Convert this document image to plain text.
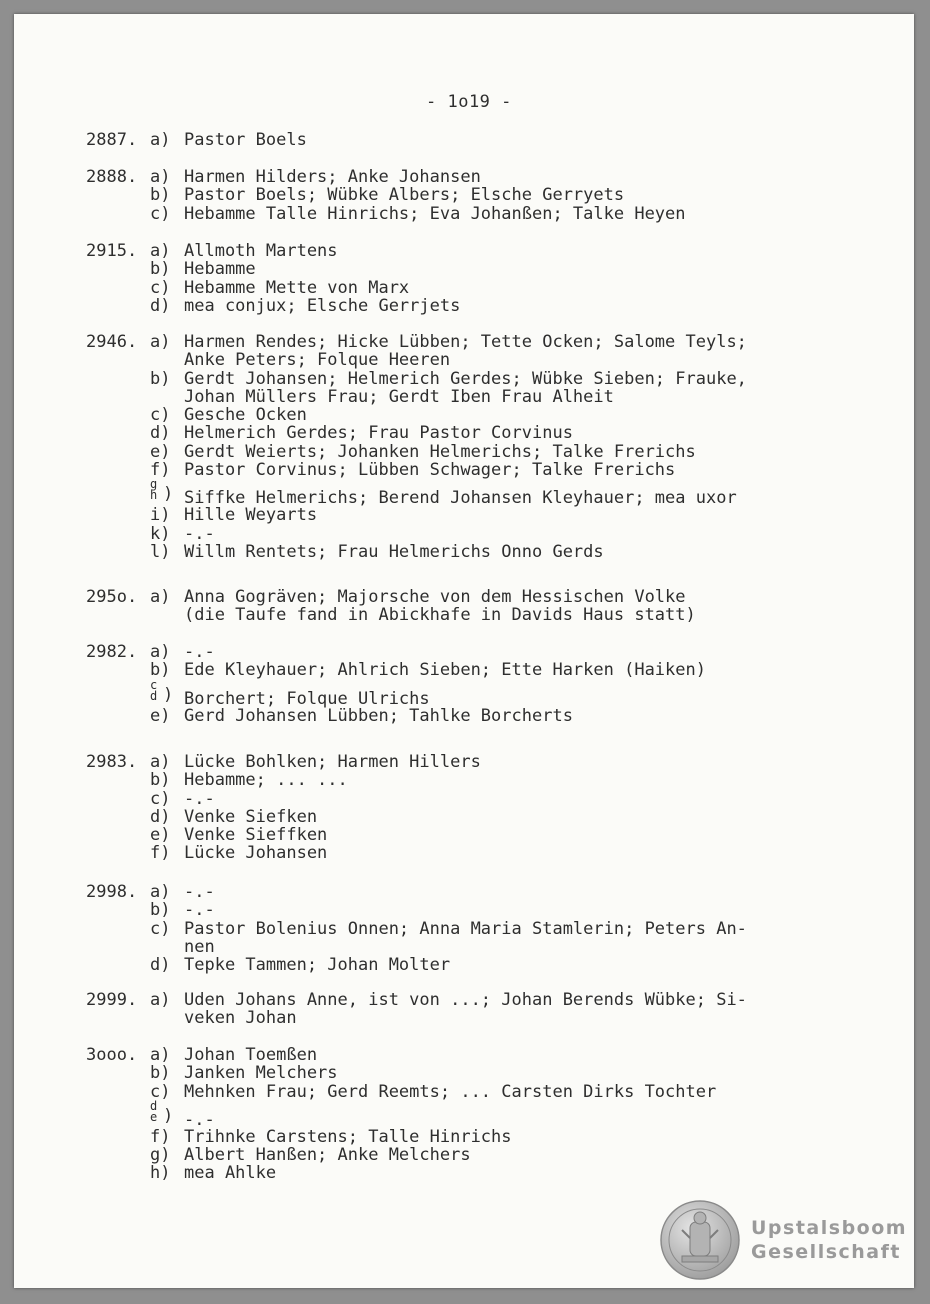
- 1o19 -
2887. a) Pastor Boels
2888. a) Harmen Hilders; Anke Johansen
b) Pastor Boels; Wübke Albers; Elsche Gerryets
c) Hebamme Talle Hinrichs; Eva Johanßen; Talke Heyen
2915. a) Allmoth Martens
b) Hebamme
c) Hebamme Mette von Marx
d) mea conjux; Elsche Gerrjets
2946. a) Harmen Rendes; Hicke Lübben; Tette Ocken; Salome Teyls;
Anke Peters; Folque Heeren
b) Gerdt Johansen; Helmerich Gerdes; Wübke Sieben; Frauke,
Johan Müllers Frau; Gerdt Iben Frau Alheit
c) Gesche Ocken
d) Helmerich Gerdes; Frau Pastor Corvinus
e) Gerdt Weierts; Johanken Helmerichs; Talke Frerichs
f) Pastor Corvinus; Lübben Schwager; Talke Frerichs
g
h ) Siffke Helmerichs; Berend Johansen Kleyhauer; mea uxor
i) Hille Weyarts
k) -.-
l) Willm Rentets; Frau Helmerichs Onno Gerds
295o. a) Anna Gogräven; Majorsche von dem Hessischen Volke
(die Taufe fand in Abickhafe in Davids Haus statt)
2982. a) -.-
b) Ede Kleyhauer; Ahlrich Sieben; Ette Harken (Haiken)
c
d ) Borchert; Folque Ulrichs
e) Gerd Johansen Lübben; Tahlke Borcherts
2983. a) Lücke Bohlken; Harmen Hillers
b) Hebamme; ... ...
c) -.-
d) Venke Siefken
e) Venke Sieffken
f) Lücke Johansen
2998. a) -.-
b) -.-
c) Pastor Bolenius Onnen; Anna Maria Stamlerin; Peters An-
nen
d) Tepke Tammen; Johan Molter
2999. a) Uden Johans Anne, ist von ...; Johan Berends Wübke; Si-
veken Johan
3ooo. a) Johan Toemßen
b) Janken Melchers
c) Mehnken Frau; Gerd Reemts; ... Carsten Dirks Tochter
d
e ) -.-
f) Trihnke Carstens; Talle Hinrichs
g) Albert Hanßen; Anke Melchers
h) mea Ahlke
Upstalsboom
Gesellschaft
